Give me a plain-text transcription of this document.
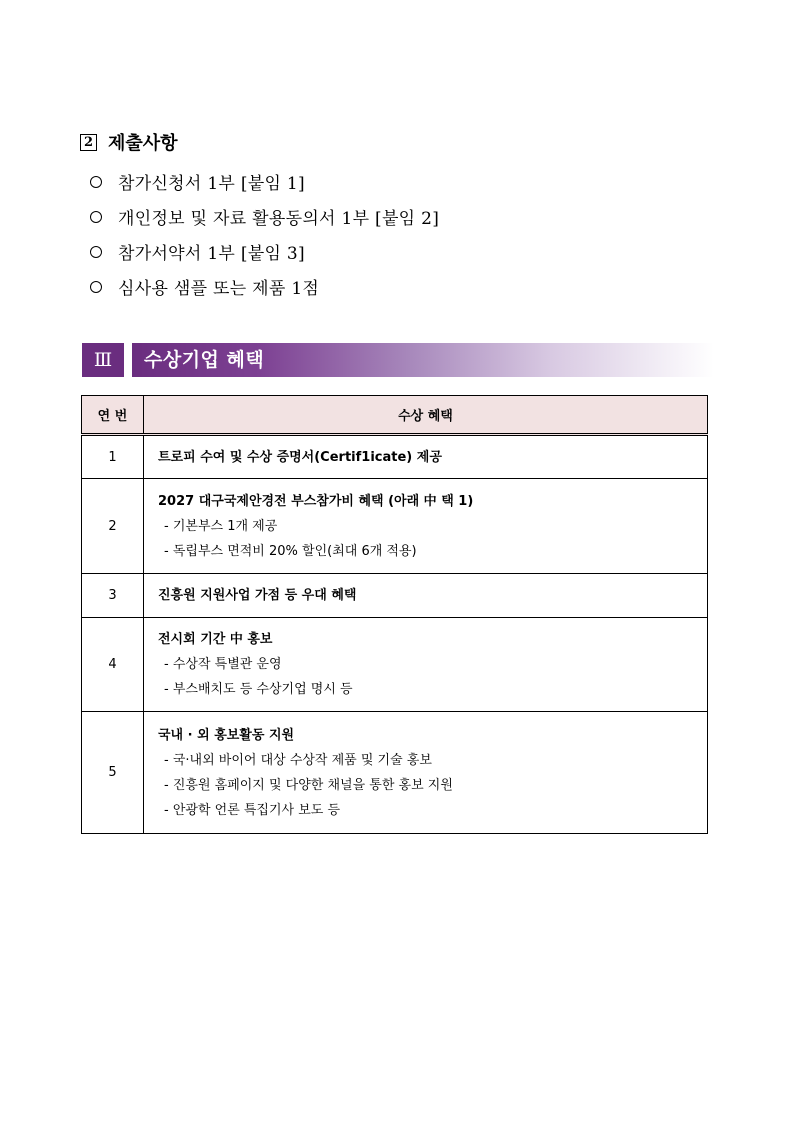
2 제출사항
참가신청서 1부 [붙임 1]
개인정보 및 자료 활용동의서 1부 [붙임 2]
참가서약서 1부 [붙임 3]
심사용 샘플 또는 제품 1점
Ⅲ	수상기업 혜택
연 번	수상 혜택
1	트로피 수여 및 수상 증명서(Certif1icate) 제공

2	2027 대구국제안경전 부스참가비 혜택 (아래 中 택 1)
- 기본부스 1개 제공
- 독립부스 면적비 20% 할인(최대 6개 적용)

3	진흥원 지원사업 가점 등 우대 혜택

4	전시회 기간 中 홍보
- 수상작 특별관 운영
- 부스배치도 등 수상기업 명시 등

5	국내 · 외 홍보활동 지원
- 국·내외 바이어 대상 수상작 제품 및 기술 홍보
- 진흥원 홈페이지 및 다양한 채널을 통한 홍보 지원
- 안광학 언론 특집기사 보도 등
